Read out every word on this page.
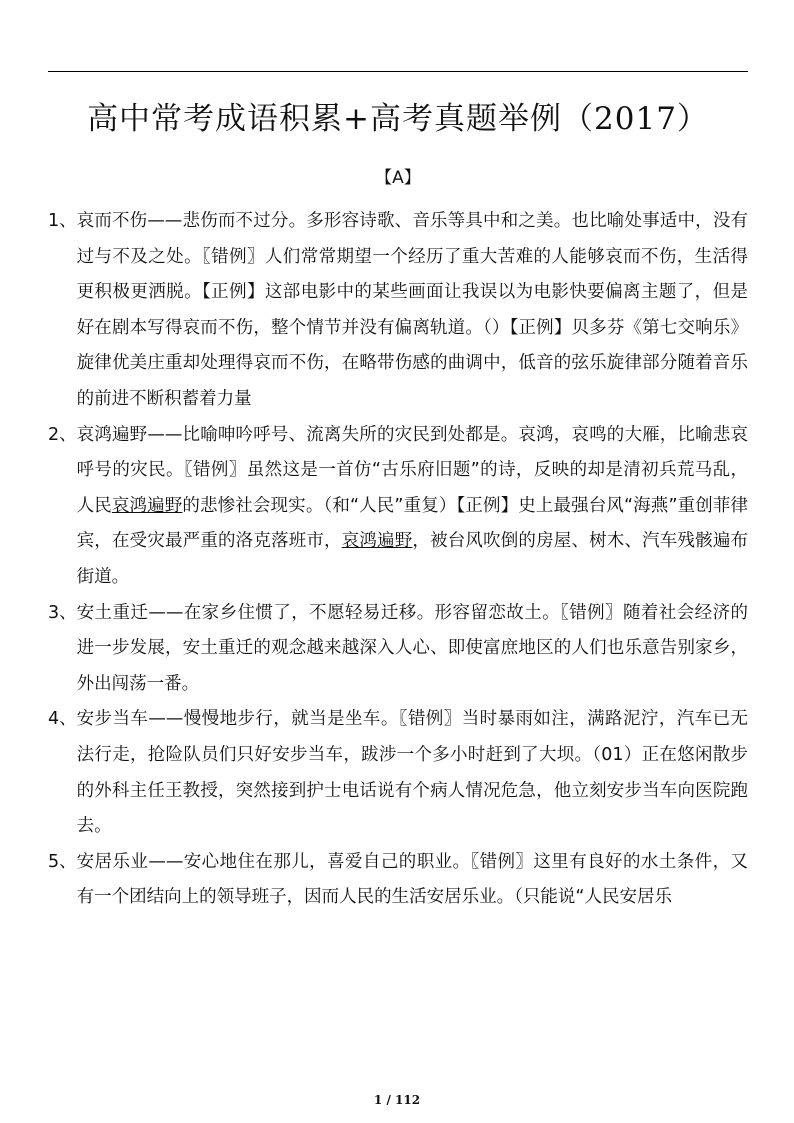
高中常考成语积累+高考真题举例（2017）
【A】
1、 哀而不伤——悲伤而不过分。多形容诗歌、音乐等具中和之美。也比喻处事适中，没有过与不及之处。〖错例〗人们常常期望一个经历了重大苦难的人能够哀而不伤，生活得更积极更洒脱。【正例】这部电影中的某些画面让我误以为电影快要偏离主题了，但是好在剧本写得哀而不伤，整个情节并没有偏离轨道。（）【正例】贝多芬《第七交响乐》旋律优美庄重却处理得哀而不伤，在略带伤感的曲调中，低音的弦乐旋律部分随着音乐的前进不断积蓄着力量
2、 哀鸿遍野——比喻呻吟呼号、流离失所的灾民到处都是。哀鸿，哀鸣的大雁，比喻悲哀呼号的灾民。〖错例〗虽然这是一首仿“古乐府旧题”的诗，反映的却是清初兵荒马乱，人民哀鸿遍野的悲惨社会现实。（和“人民”重复）【正例】史上最强台风“海燕”重创菲律宾，在受灾最严重的洛克落班市，哀鸿遍野，被台风吹倒的房屋、树木、汽车残骸遍布街道。
3、 安土重迁——在家乡住惯了，不愿轻易迁移。形容留恋故土。〖错例〗随着社会经济的进一步发展，安土重迁的观念越来越深入人心、即使富庶地区的人们也乐意告别家乡，外出闯荡一番。
4、 安步当车——慢慢地步行，就当是坐车。〖错例〗当时暴雨如注，满路泥泞，汽车已无法行走，抢险队员们只好安步当车，跋涉一个多小时赶到了大坝。（01）正在悠闲散步的外科主任王教授，突然接到护士电话说有个病人情况危急，他立刻安步当车向医院跑去。
5、 安居乐业——安心地住在那儿，喜爱自己的职业。〖错例〗这里有良好的水土条件，又有一个团结向上的领导班子，因而人民的生活安居乐业。（只能说“人民安居乐
1 / 112
